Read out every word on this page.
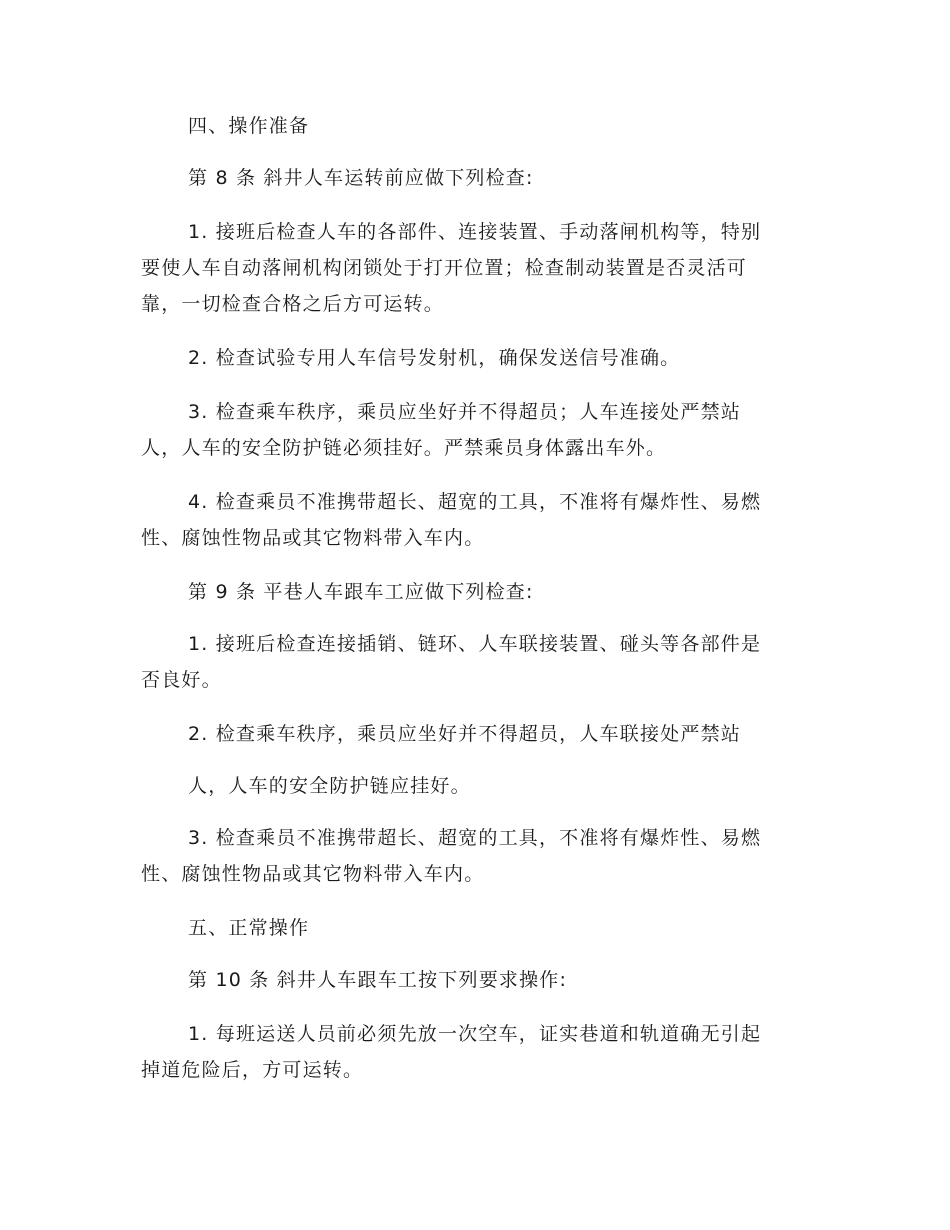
四、操作准备
第 8 条 斜井人车运转前应做下列检查:
1. 接班后检查人车的各部件、连接装置、手动落闸机构等，特别
要使人车自动落闸机构闭锁处于打开位置；检查制动装置是否灵活可
靠，一切检查合格之后方可运转。
2. 检查试验专用人车信号发射机，确保发送信号准确。
3. 检查乘车秩序，乘员应坐好并不得超员；人车连接处严禁站
人，人车的安全防护链必须挂好。严禁乘员身体露出车外。
4. 检查乘员不准携带超长、超宽的工具，不准将有爆炸性、易燃
性、腐蚀性物品或其它物料带入车内。
第 9 条 平巷人车跟车工应做下列检查:
1. 接班后检查连接插销、链环、人车联接装置、碰头等各部件是
否良好。
2. 检查乘车秩序，乘员应坐好并不得超员，人车联接处严禁站
人，人车的安全防护链应挂好。
3. 检查乘员不准携带超长、超宽的工具，不准将有爆炸性、易燃
性、腐蚀性物品或其它物料带入车内。
五、正常操作
第 10 条 斜井人车跟车工按下列要求操作:
1. 每班运送人员前必须先放一次空车，证实巷道和轨道确无引起
掉道危险后，方可运转。
